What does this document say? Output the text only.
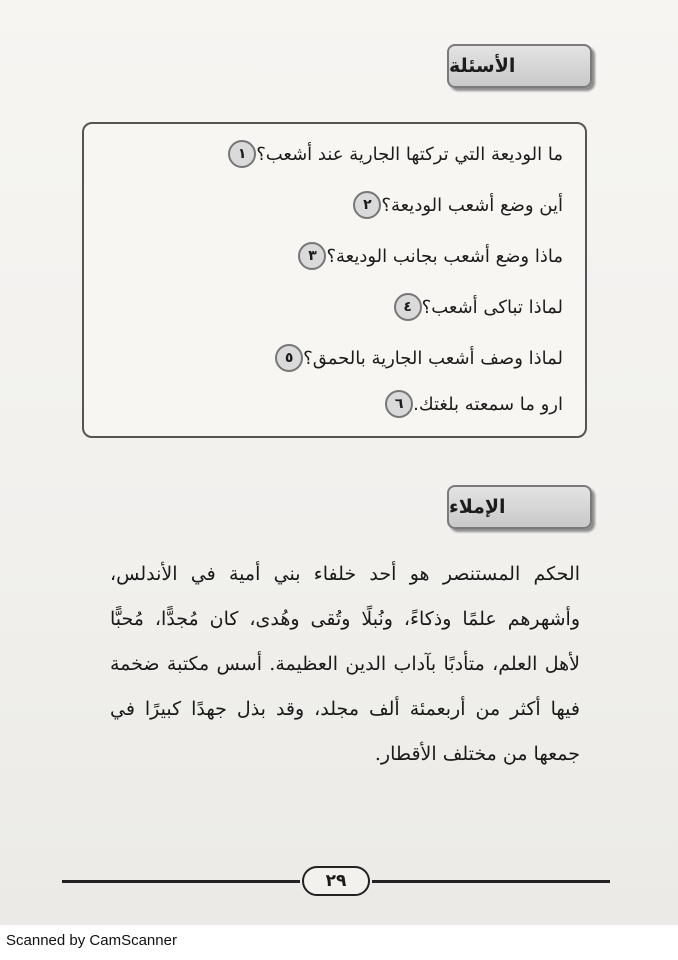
الأسئلة
١ ما الوديعة التي تركتها الجارية عند أشعب؟
٢ أين وضع أشعب الوديعة؟
٣ ماذا وضع أشعب بجانب الوديعة؟
٤ لماذا تباكى أشعب؟
٥ لماذا وصف أشعب الجارية بالحمق؟
٦ ارو ما سمعته بلغتك.
الإملاء
الحكم المستنصر هو أحد خلفاء بني أمية في الأندلس، وأشهرهم علمًا وذكاءً، ونُبلًا وتُقى وهُدى، كان مُجدًّا، مُحبًّا لأهل العلم، متأدبًا بآداب الدين العظيمة. أسس مكتبة ضخمة فيها أكثر من أربعمئة ألف مجلد، وقد بذل جهدًا كبيرًا في جمعها من مختلف الأقطار.
٢٩
Scanned by CamScanner
